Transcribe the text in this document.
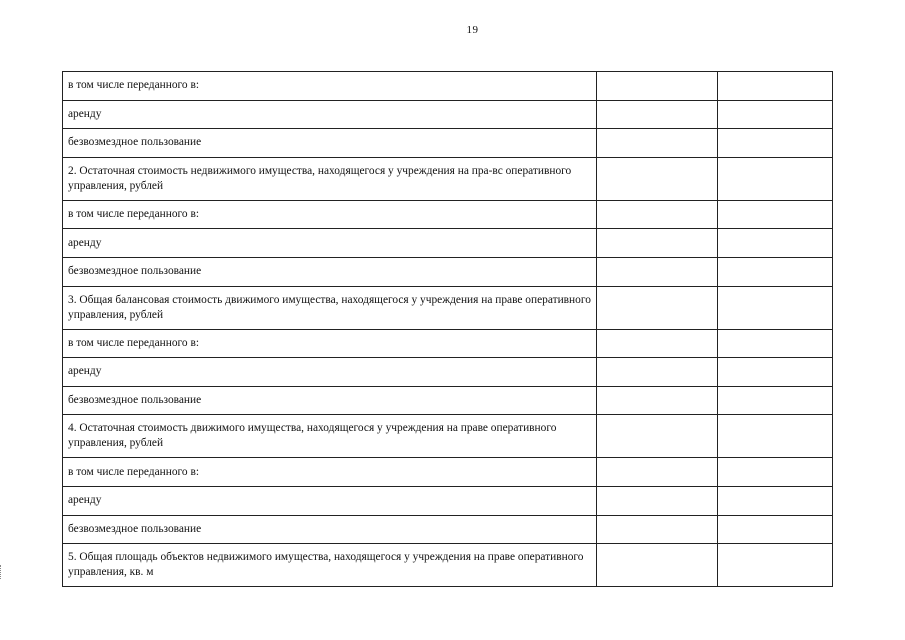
19
в том числе переданного в:		
аренду		
безвозмездное пользование		
2. Остаточная стоимость недвижимого имущества, находящегося у учреждения на пра-вс оперативного управления, рублей		
в том числе переданного в:		
аренду		
безвозмездное пользование		
3. Общая балансовая стоимость движимого имущества, находящегося у учреждения на праве оперативного управления, рублей		
в том числе переданного в:		
аренду		
безвозмездное пользование		
4. Остаточная стоимость движимого имущества, находящегося у учреждения на праве оперативного управления, рублей		
в том числе переданного в:		
аренду		
безвозмездное пользование		
5. Общая площадь объектов недвижимого имущества, находящегося у учреждения на праве оперативного управления, кв. м		
